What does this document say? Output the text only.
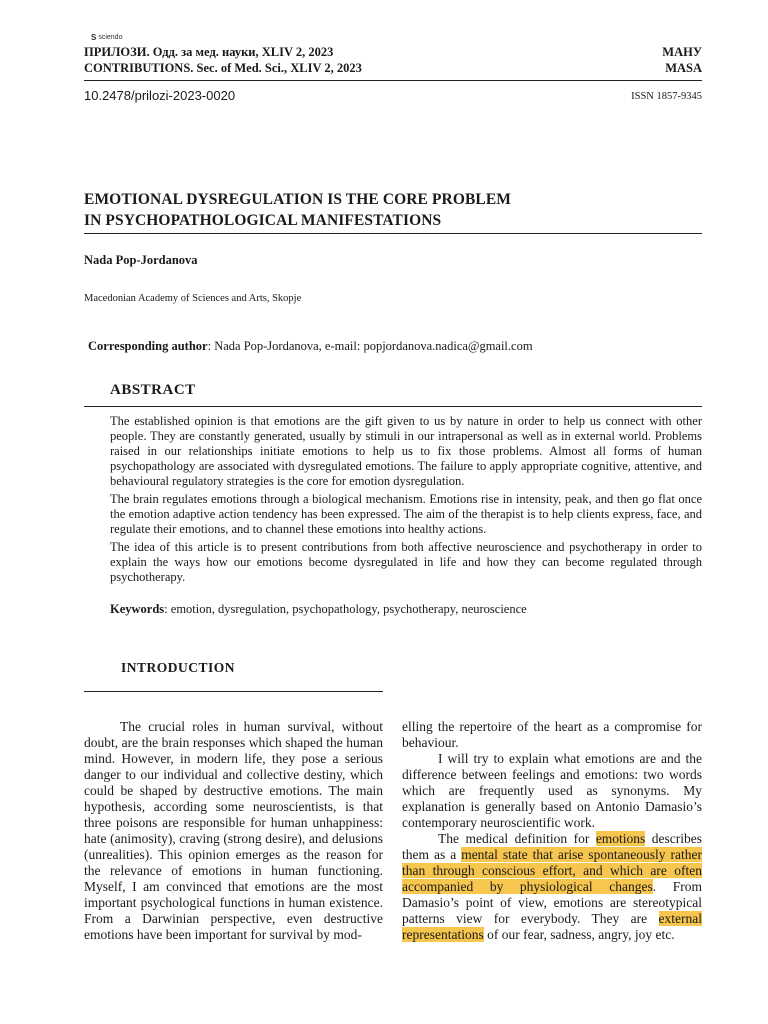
S sciendo
ПРИЛОЗИ. Одд. за мед. науки, XLIV 2, 2023
CONTRIBUTIONS. Sec. of Med. Sci., XLIV 2, 2023
МАНУ
MASA
10.2478/prilozi-2023-0020	ISSN 1857-9345
EMOTIONAL DYSREGULATION IS THE CORE PROBLEM
IN PSYCHOPATHOLOGICAL MANIFESTATIONS
Nada Pop-Jordanova
Macedonian Academy of Sciences and Arts, Skopje
Corresponding author: Nada Pop-Jordanova, e-mail: popjordanova.nadica@gmail.com
ABSTRACT

The established opinion is that emotions are the gift given to us by nature in order to help us connect with other people. They are constantly generated, usually by stimuli in our intrapersonal as well as in external world. Problems raised in our relationships initiate emotions to help us to fix those problems. Almost all forms of human psychopathology are associated with dysregulated emotions. The failure to apply appropriate cognitive, attentive, and behavioural regulatory strategies is the core for emotion dysregulation.

The brain regulates emotions through a biological mechanism. Emotions rise in intensity, peak, and then go flat once the emotion adaptive action tendency has been expressed. The aim of the therapist is to help clients express, face, and regulate their emotions, and to channel these emotions into healthy actions.

The idea of this article is to present contributions from both affective neuroscience and psychotherapy in order to explain the ways how our emotions become dysregulated in life and how they can become regulated through psychotherapy.

Keywords: emotion, dysregulation, psychopathology, psychotherapy, neuroscience
INTRODUCTION

The crucial roles in human survival, without doubt, are the brain responses which shaped the human mind. However, in modern life, they pose a serious danger to our individual and collective destiny, which could be shaped by destructive emotions. The main hypothesis, according some neuroscientists, is that three poisons are responsible for human unhappiness: hate (animosity), craving (strong desire), and delusions (unrealities). This opinion emerges as the reason for the relevance of emotions in human functioning. Myself, I am convinced that emotions are the most important psychological functions in human existence. From a Darwinian perspective, even destructive emotions have been important for survival by mod-

elling the repertoire of the heart as a compromise for behaviour.

I will try to explain what emotions are and the difference between feelings and emotions: two words which are frequently used as synonyms. My explanation is generally based on Antonio Damasio’s contemporary neuroscientific work.

The medical definition for emotions describes them as a mental state that arise spontaneously rather than through conscious effort, and which are often accompanied by physiological changes. From Damasio’s point of view, emotions are stereotypical patterns view for everybody. They are external representations of our fear, sadness, angry, joy etc.
